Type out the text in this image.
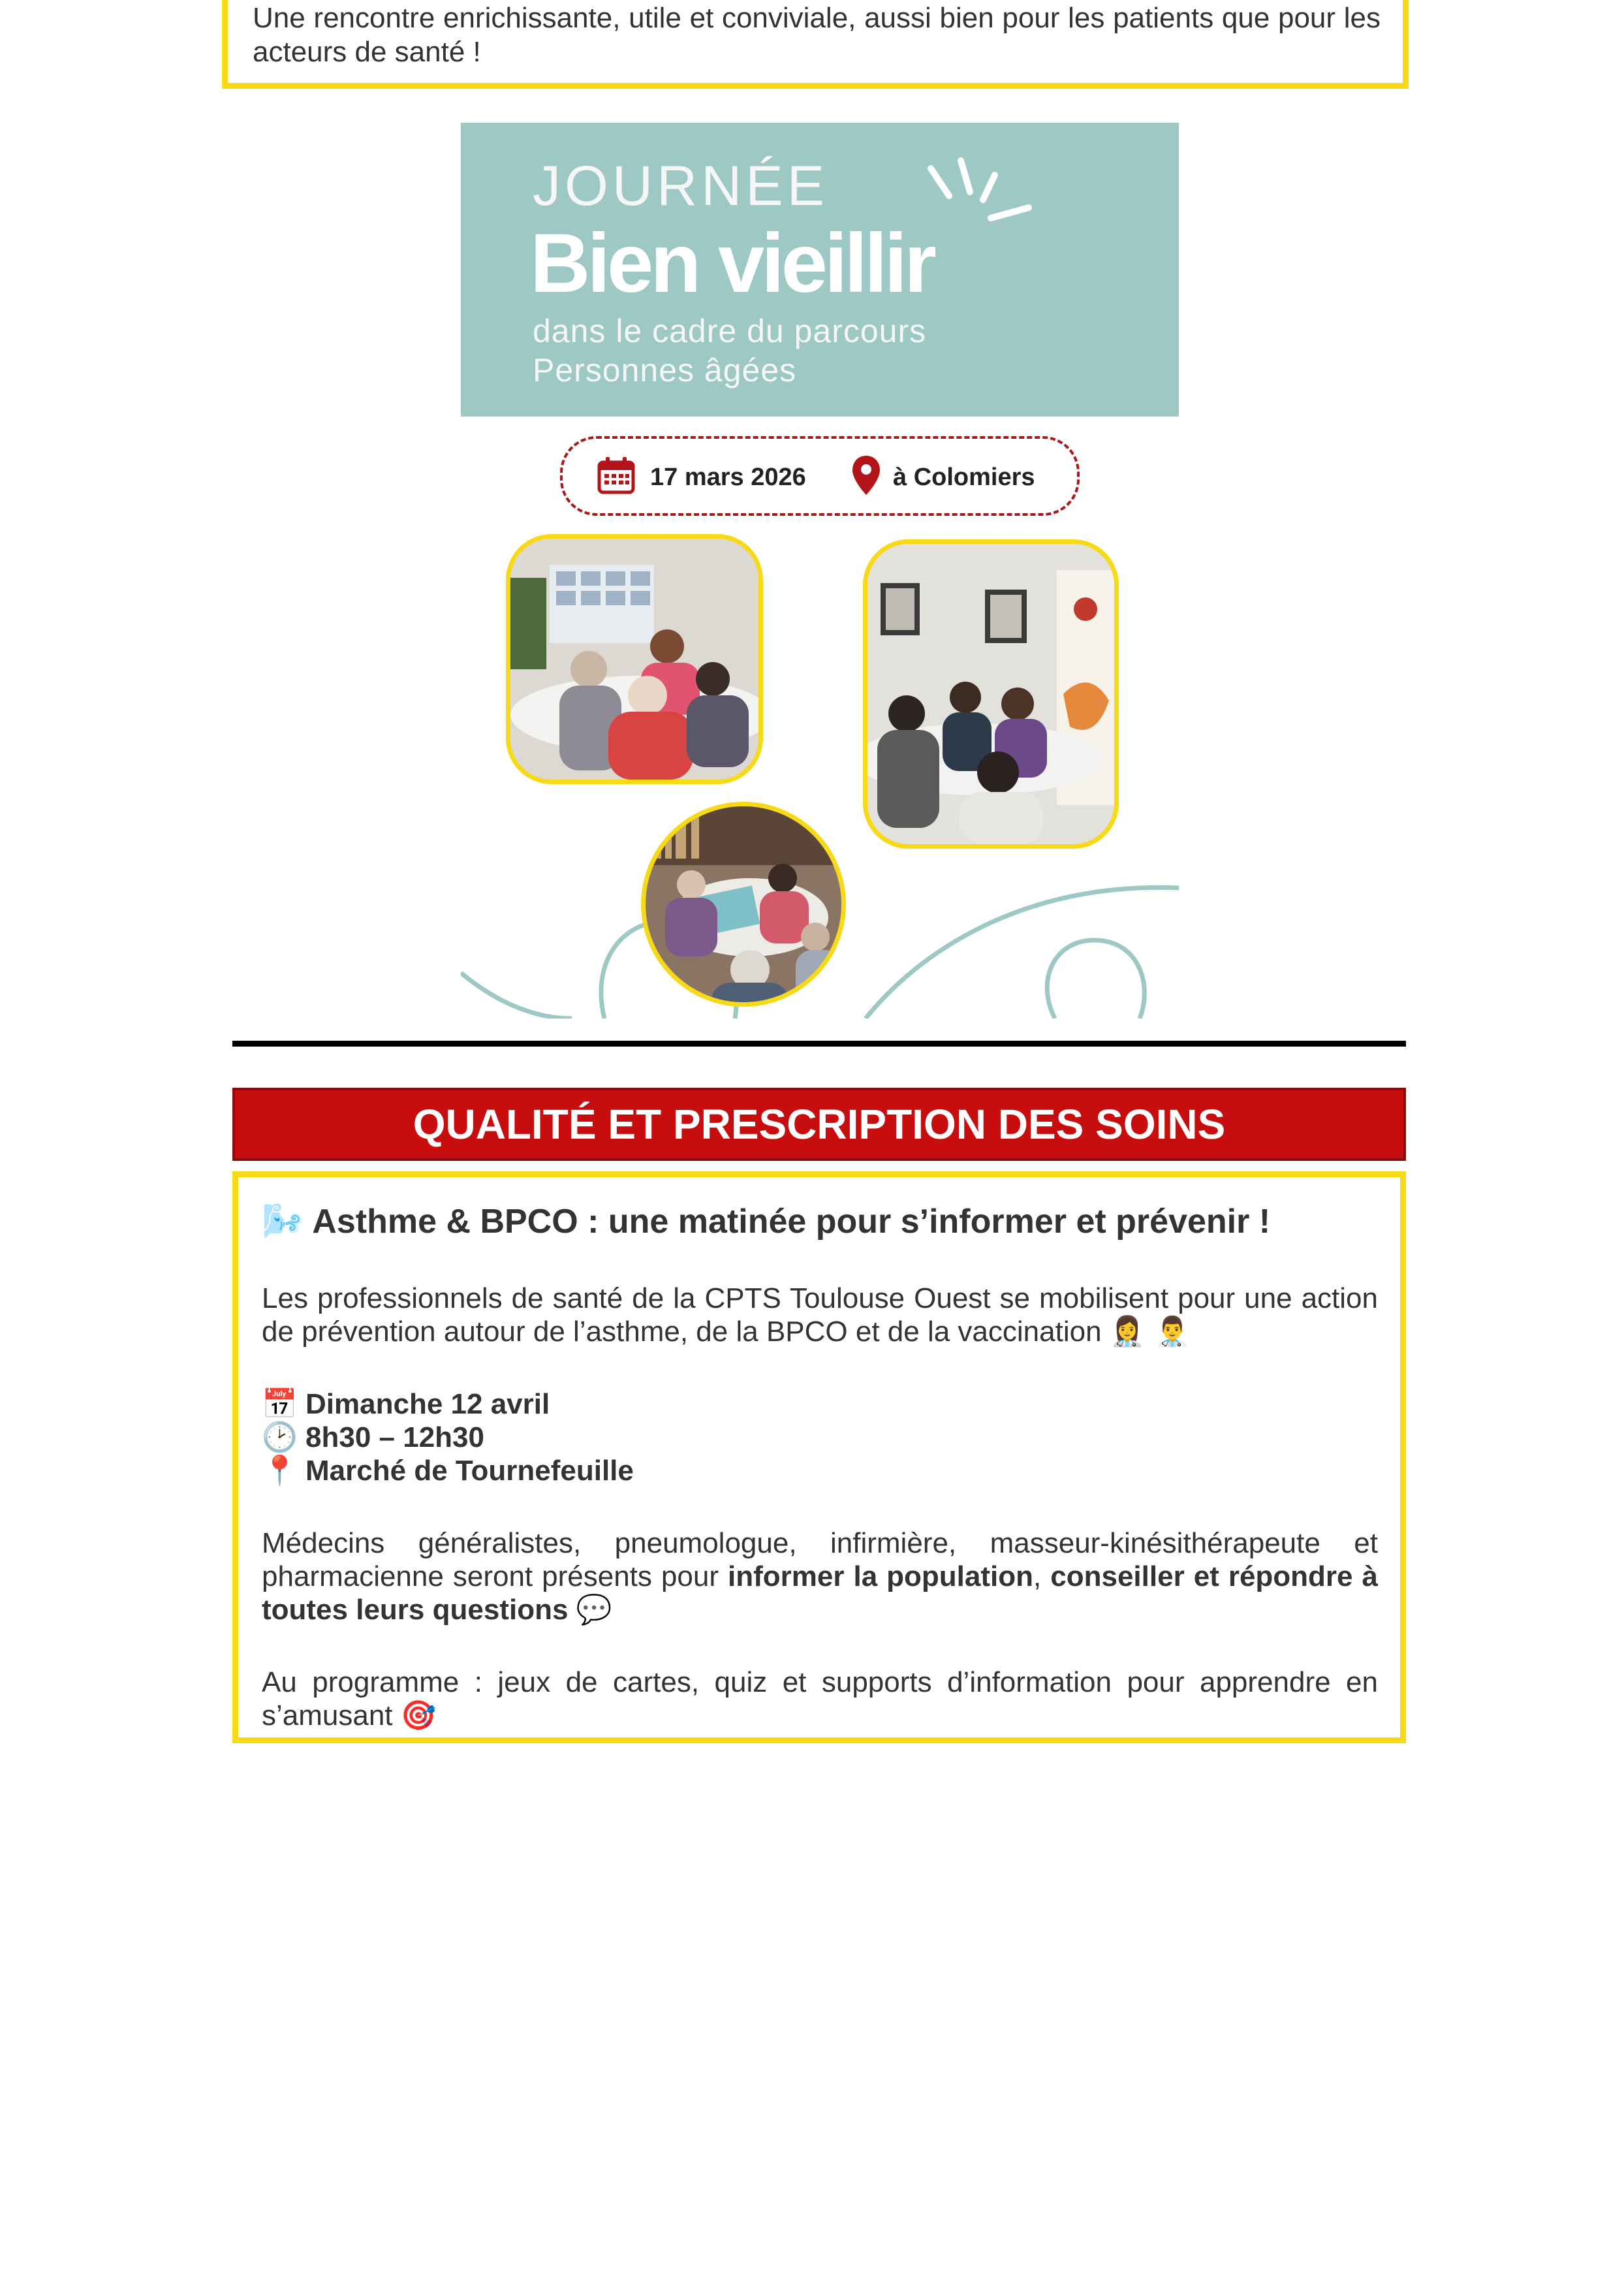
Une rencontre enrichissante, utile et conviviale, aussi bien pour les patients que pour les acteurs de santé !
JOURNÉE
Bien vieillir
dans le cadre du parcours
Personnes âgées
17 mars 2026	à Colomiers
QUALITÉ ET PRESCRIPTION DES SOINS
🌬️ Asthme & BPCO : une matinée pour s’informer et prévenir !

Les professionnels de santé de la CPTS Toulouse Ouest se mobilisent pour une action de prévention autour de l’asthme, de la BPCO et de la vaccination 👩‍⚕️ 👨‍⚕️

📅 Dimanche 12 avril
🕑 8h30 – 12h30
📍 Marché de Tournefeuille

Médecins généralistes, pneumologue, infirmière, masseur-kinésithérapeute et pharmacienne seront présents pour informer la population, conseiller et répondre à toutes leurs questions 💬

Au programme : jeux de cartes, quiz et supports d’information pour apprendre en s’amusant 🎯
